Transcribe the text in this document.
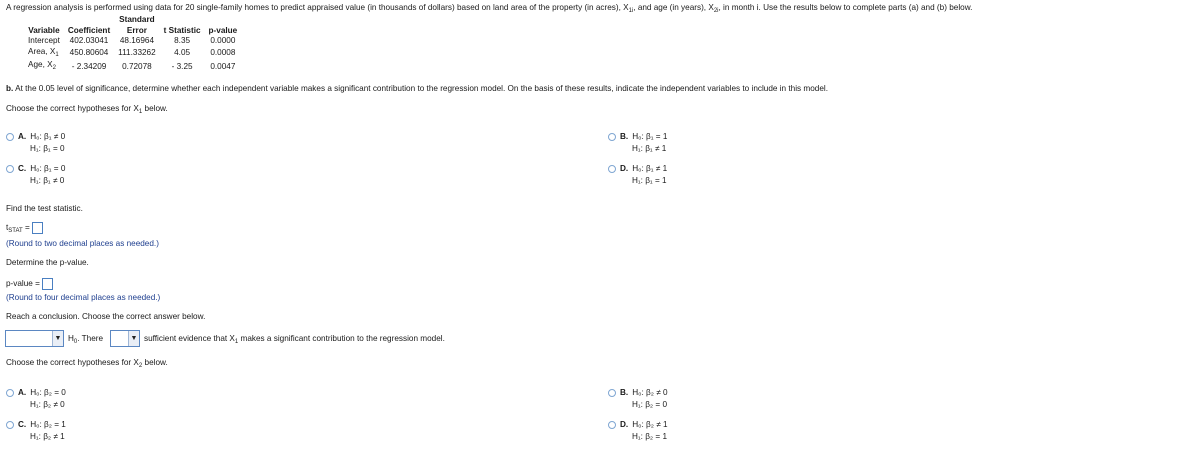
A regression analysis is performed using data for 20 single-family homes to predict appraised value (in thousands of dollars) based on land area of the property (in acres), $X_{1i}$, and age (in years), $X_{2i}$, in month i. Use the results below to complete parts (a) and (b) below.
		Standard		
Variable	Coefficient	Error	t Statistic	p-value
Intercept	402.03041	48.16964	8.35	0.0000
Area, $X_1$	450.80604	111.33262	4.05	0.0008
Age, $X_2$	- 2.34209	0.72078	- 3.25	0.0047
b. At the 0.05 level of significance, determine whether each independent variable makes a significant contribution to the regression model. On the basis of these results, indicate the independent variables to include in this model.
Choose the correct hypotheses for $X_1$ below.
A. H₀: β₁ ≠ 0
H₁: β₁ = 0
B. H₀: β₁ = 1
H₁: β₁ ≠ 1
C. H₀: β₁ = 0
H₁: β₁ ≠ 0
D. H₀: β₁ ≠ 1
H₁: β₁ = 1
Find the test statistic.
$t_{STAT}$ =
(Round to two decimal places as needed.)
Determine the p-value.
p-value =
(Round to four decimal places as needed.)
Reach a conclusion. Choose the correct answer below.
▼ $H_0$. There	▼ sufficient evidence that $X_1$ makes a significant contribution to the regression model.
Choose the correct hypotheses for $X_2$ below.
A. H₀: β₂ = 0
H₁: β₂ ≠ 0
B. H₀: β₂ ≠ 0
H₁: β₂ = 0
C. H₀: β₂ = 1
H₁: β₂ ≠ 1
D. H₀: β₂ ≠ 1
H₁: β₂ = 1
